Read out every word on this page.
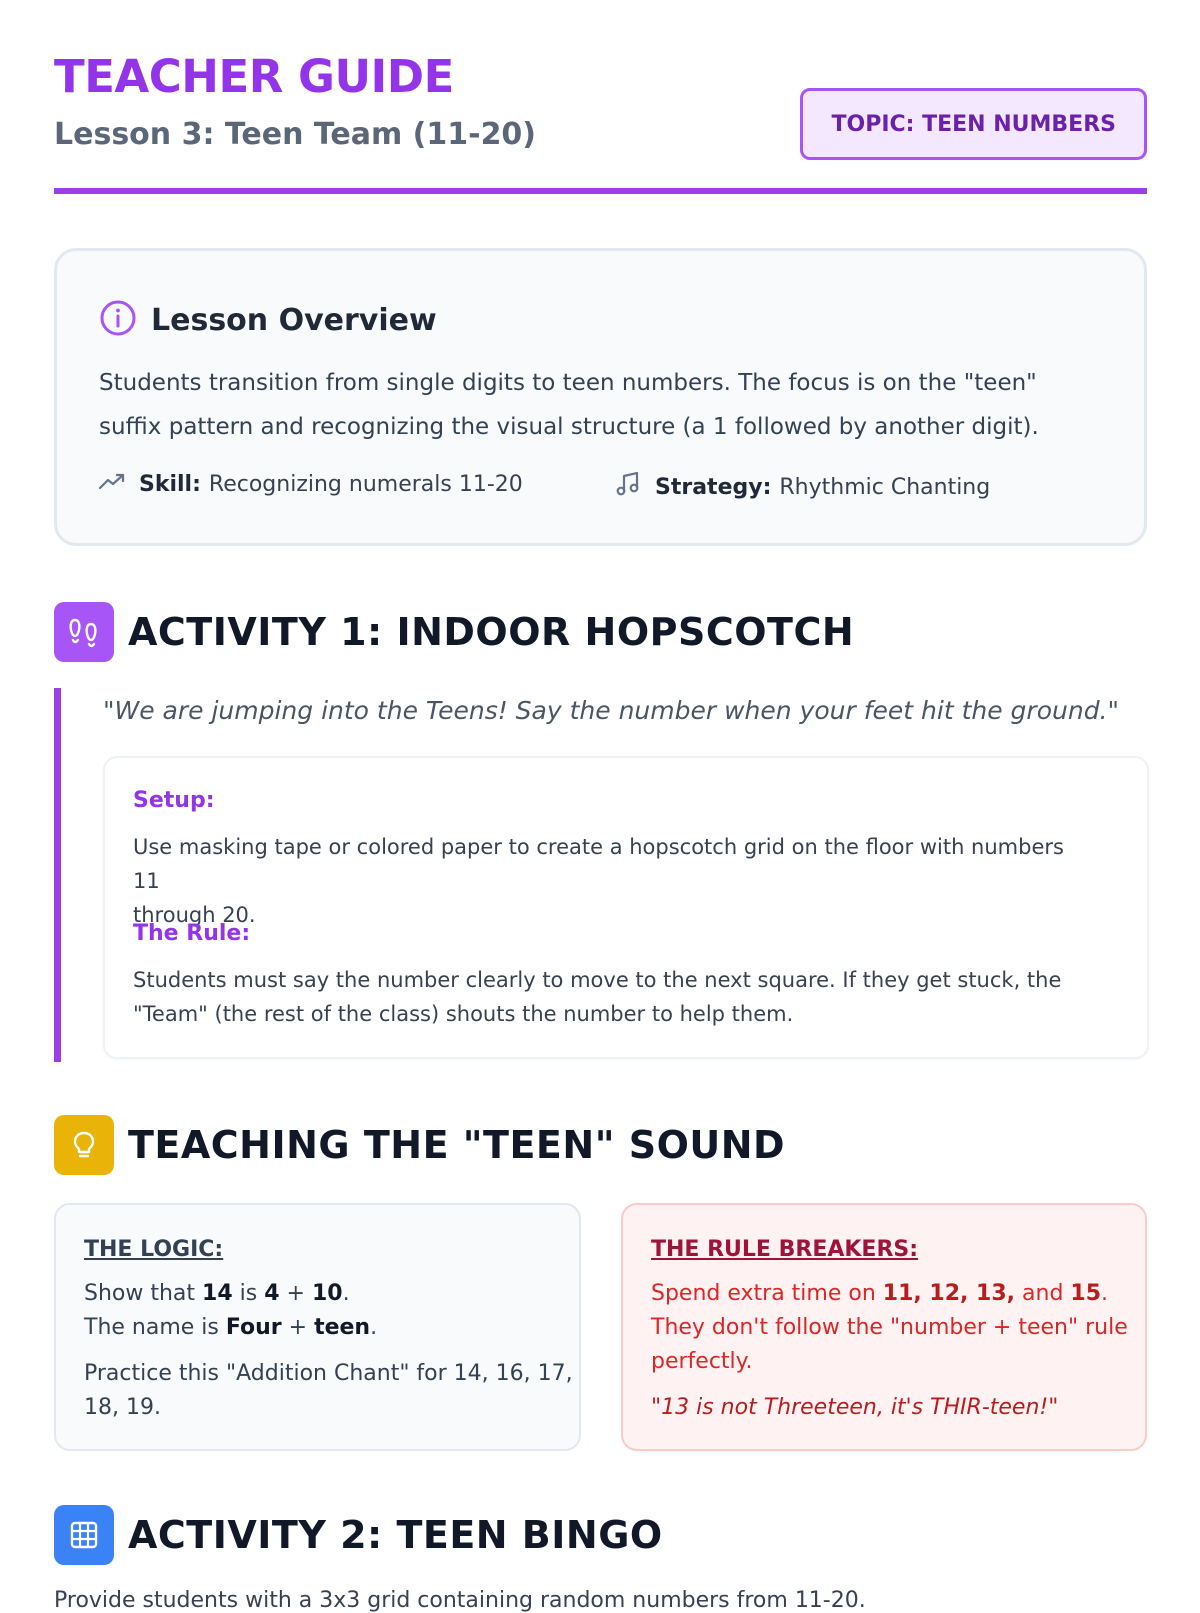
TEACHER GUIDE
Lesson 3: Teen Team (11-20)	TOPIC: TEEN NUMBERS
Lesson Overview
Students transition from single digits to teen numbers. The focus is on the "teen"
suffix pattern and recognizing the visual structure (a 1 followed by another digit).
Skill: Recognizing numerals 11-20	Strategy: Rhythmic Chanting
ACTIVITY 1: INDOOR HOPSCOTCH
"We are jumping into the Teens! Say the number when your feet hit the ground."
Setup:
Use masking tape or colored paper to create a hopscotch grid on the floor with numbers 11
through 20.
The Rule:
Students must say the number clearly to move to the next square. If they get stuck, the
"Team" (the rest of the class) shouts the number to help them.
TEACHING THE "TEEN" SOUND
THE LOGIC:
Show that 14 is 4 + 10.
The name is Four + teen.
Practice this "Addition Chant" for 14, 16, 17,
18, 19.
THE RULE BREAKERS:
Spend extra time on 11, 12, 13, and 15.
They don't follow the "number + teen" rule
perfectly.
"13 is not Threeteen, it's THIR-teen!"
ACTIVITY 2: TEEN BINGO
Provide students with a 3x3 grid containing random numbers from 11-20.
